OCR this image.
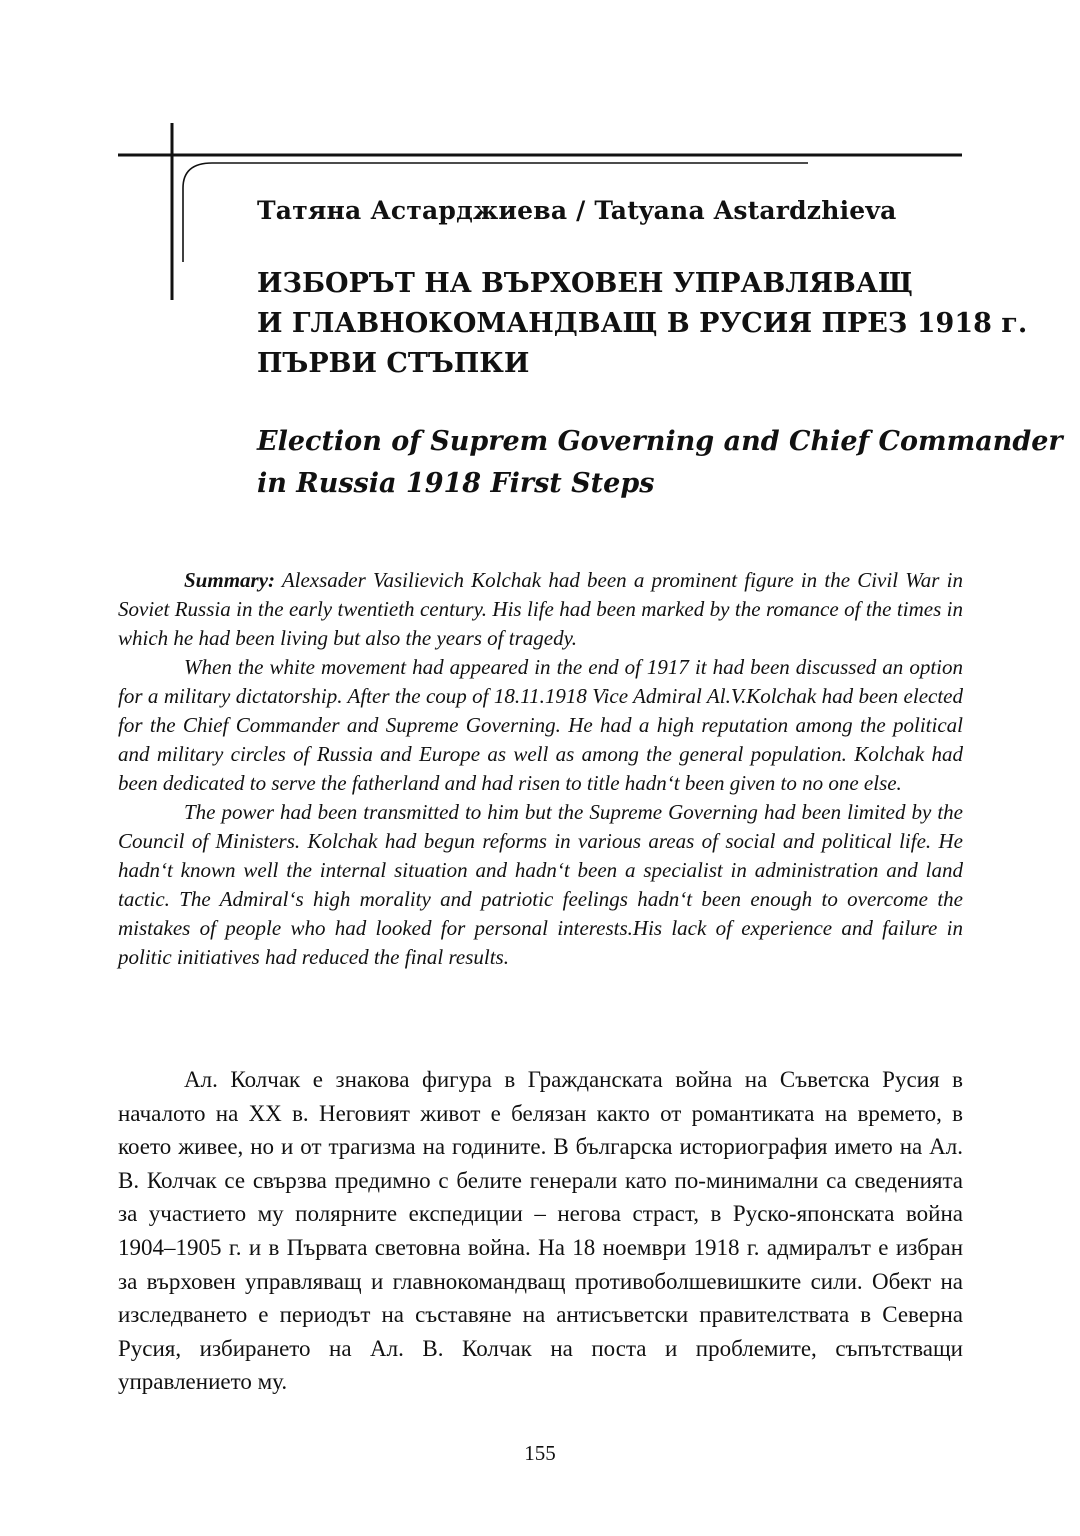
Татяна Астарджиева / Tatyana Astardzhieva
ИЗБОРЪТ НА ВЪРХОВЕН УПРАВЛЯВАЩ
И ГЛАВНОКОМАНДВАЩ В РУСИЯ ПРЕЗ 1918 г.
ПЪРВИ СТЪПКИ
Election of Suprem Governing and Chief Commander
in Russia 1918 First Steps

Summary: Alexsader Vasilievich Kolchak had been a prominent figure in the Civil War in Soviet Russia in the early twentieth century. His life had been marked by the romance of the times in which he had been living but also the years of tragedy.

When the white movement had appeared in the end of 1917 it had been discussed an option for a military dictatorship. After the coup of 18.11.1918 Vice Admiral Al.V.Kolchak had been elected for the Chief Commander and Supreme Governing. He had a high reputation among the political and military circles of Russia and Europe as well as among the general population. Kolchak had been dedicated to serve the fatherland and had risen to title hadn‘t been given to no one else.

The power had been transmitted to him but the Supreme Governing had been limited by the Council of Ministers. Kolchak had begun reforms in various areas of social and political life. He hadn‘t known well the internal situation and hadn‘t been a specialist in administration and land tactic. The Admiral‘s high morality and patriotic feelings hadn‘t been enough to overcome the mistakes of people who had looked for personal interests.His lack of experience and failure in politic initiatives had reduced the final results.

Ал. Колчак е знакова фигура в Гражданската война на Съветска Русия в началото на XX в. Неговият живот е белязан както от романтиката на времето, в което живее, но и от трагизма на годините. В българска историография името на Ал. В. Колчак се свързва предимно с белите генерали като по-минимални са сведенията за участието му полярните експедиции – негова страст, в Руско-японската война 1904–1905 г. и в Първата световна война. На 18 ноември 1918 г. адмиралът е избран за върховен управляващ и главнокомандващ противоболшевишките сили. Обект на изследването е периодът на съставяне на антисъветски правителствата в Северна Русия, избирането на Ал. В. Колчак на поста и проблемите, съпътстващи управлението му.

155
